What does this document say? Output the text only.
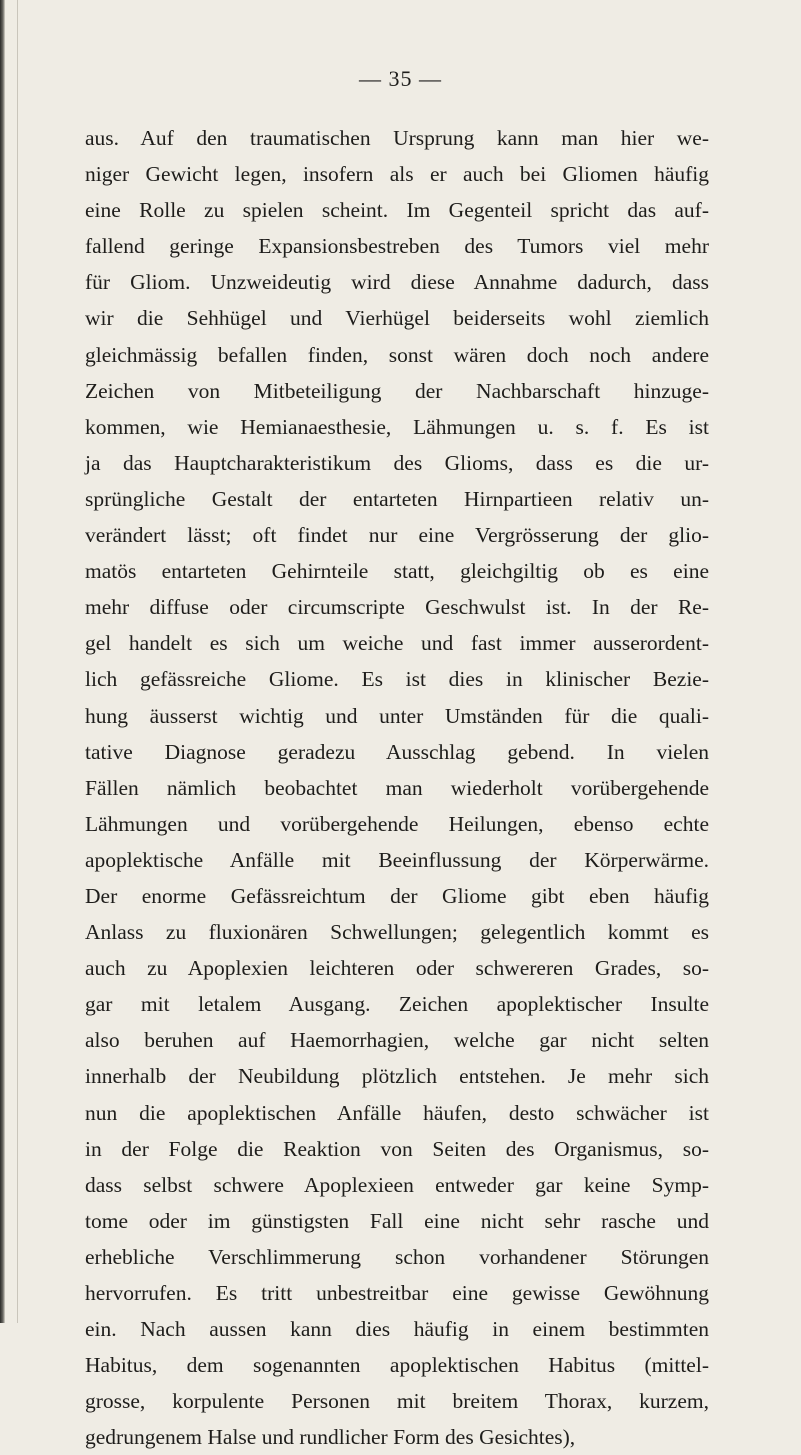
— 35 —
aus. Auf den traumatischen Ursprung kann man hier we-
niger Gewicht legen, insofern als er auch bei Gliomen häufig
eine Rolle zu spielen scheint. Im Gegenteil spricht das auf-
fallend geringe Expansionsbestreben des Tumors viel mehr
für Gliom. Unzweideutig wird diese Annahme dadurch, dass
wir die Sehhügel und Vierhügel beiderseits wohl ziemlich
gleichmässig befallen finden, sonst wären doch noch andere
Zeichen von Mitbeteiligung der Nachbarschaft hinzuge-
kommen, wie Hemianaesthesie, Lähmungen u. s. f. Es ist
ja das Hauptcharakteristikum des Glioms, dass es die ur-
sprüngliche Gestalt der entarteten Hirnpartieen relativ un-
verändert lässt; oft findet nur eine Vergrösserung der glio-
matös entarteten Gehirnteile statt, gleichgiltig ob es eine
mehr diffuse oder circumscripte Geschwulst ist. In der Re-
gel handelt es sich um weiche und fast immer ausserordent-
lich gefässreiche Gliome. Es ist dies in klinischer Bezie-
hung äusserst wichtig und unter Umständen für die quali-
tative Diagnose geradezu Ausschlag gebend. In vielen
Fällen nämlich beobachtet man wiederholt vorübergehende
Lähmungen und vorübergehende Heilungen, ebenso echte
apoplektische Anfälle mit Beeinflussung der Körperwärme.
Der enorme Gefässreichtum der Gliome gibt eben häufig
Anlass zu fluxionären Schwellungen; gelegentlich kommt es
auch zu Apoplexien leichteren oder schwereren Grades, so-
gar mit letalem Ausgang. Zeichen apoplektischer Insulte
also beruhen auf Haemorrhagien, welche gar nicht selten
innerhalb der Neubildung plötzlich entstehen. Je mehr sich
nun die apoplektischen Anfälle häufen, desto schwächer ist
in der Folge die Reaktion von Seiten des Organismus, so-
dass selbst schwere Apoplexieen entweder gar keine Symp-
tome oder im günstigsten Fall eine nicht sehr rasche und
erhebliche Verschlimmerung schon vorhandener Störungen
hervorrufen. Es tritt unbestreitbar eine gewisse Gewöhnung
ein. Nach aussen kann dies häufig in einem bestimmten
Habitus, dem sogenannten apoplektischen Habitus (mittel-
grosse, korpulente Personen mit breitem Thorax, kurzem,
gedrungenem Halse und rundlicher Form des Gesichtes),
